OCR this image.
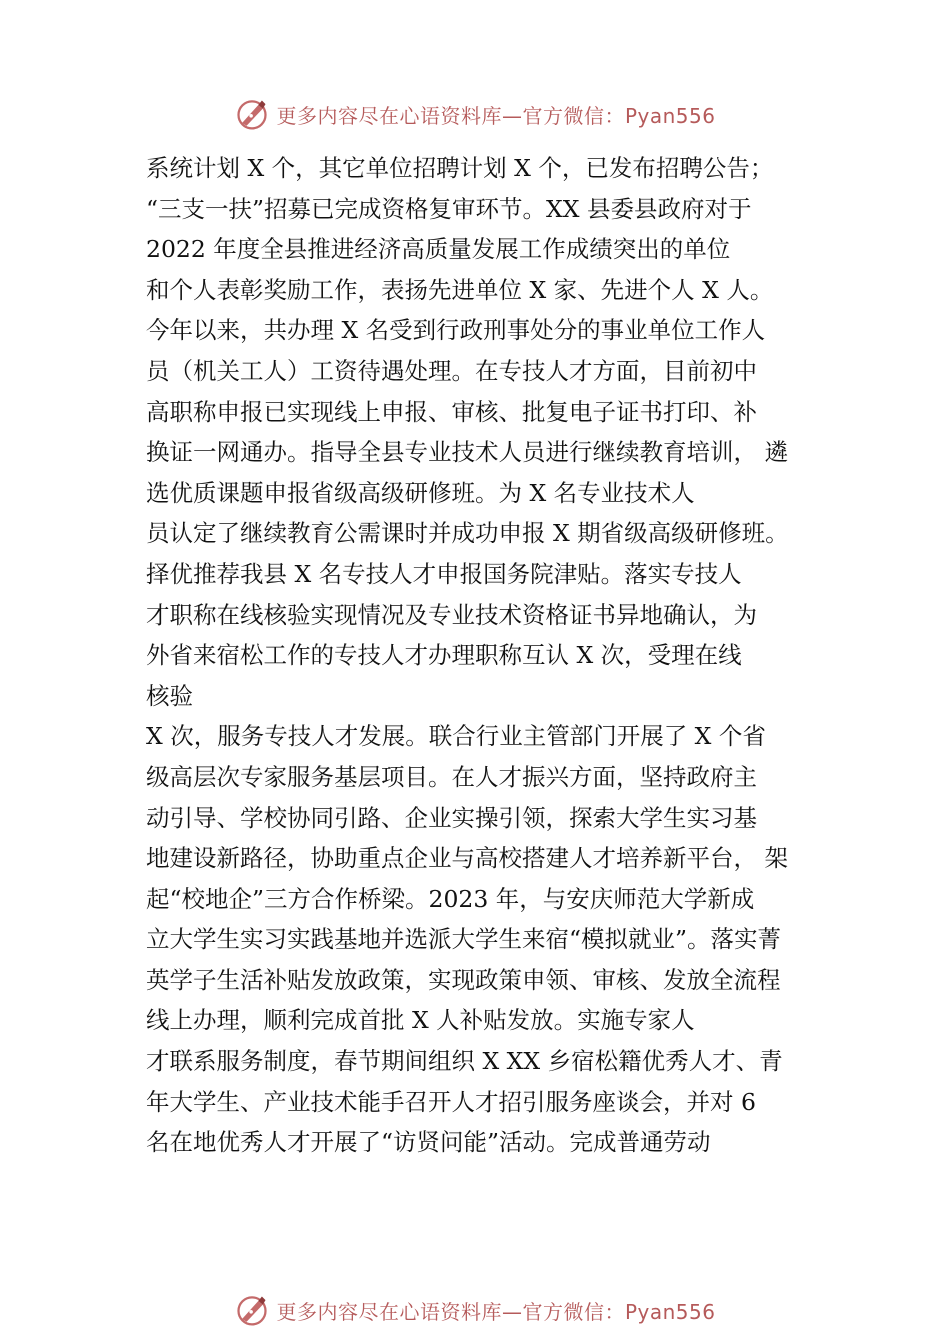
更多内容尽在心语资料库—官方微信：Pyan556
系统计划 X 个，其它单位招聘计划 X 个，已发布招聘公告；
“三支一扶”招募已完成资格复审环节。XX 县委县政府对于
2022 年度全县推进经济高质量发展工作成绩突出的单位
和个人表彰奖励工作，表扬先进单位 X 家、先进个人 X 人。
今年以来，共办理 X 名受到行政刑事处分的事业单位工作人
员（机关工人）工资待遇处理。在专技人才方面，目前初中
高职称申报已实现线上申报、审核、批复电子证书打印、补
换证一网通办。指导全县专业技术人员进行继续教育培训， 遴
选优质课题申报省级高级研修班。为 X 名专业技术人
员认定了继续教育公需课时并成功申报 X 期省级高级研修班。
择优推荐我县 X 名专技人才申报国务院津贴。落实专技人
才职称在线核验实现情况及专业技术资格证书异地确认，为
外省来宿松工作的专技人才办理职称互认 X 次，受理在线
核验
X 次，服务专技人才发展。联合行业主管部门开展了 X 个省
级高层次专家服务基层项目。在人才振兴方面，坚持政府主
动引导、学校协同引路、企业实操引领，探索大学生实习基
地建设新路径，协助重点企业与高校搭建人才培养新平台， 架
起“校地企”三方合作桥梁。2023 年，与安庆师范大学新成
立大学生实习实践基地并选派大学生来宿“模拟就业”。落实菁
英学子生活补贴发放政策，实现政策申领、审核、发放全流程
线上办理，顺利完成首批 X 人补贴发放。实施专家人
才联系服务制度，春节期间组织 X XX 乡宿松籍优秀人才、青
年大学生、产业技术能手召开人才招引服务座谈会，并对 6
名在地优秀人才开展了“访贤问能”活动。完成普通劳动
更多内容尽在心语资料库—官方微信：Pyan556
